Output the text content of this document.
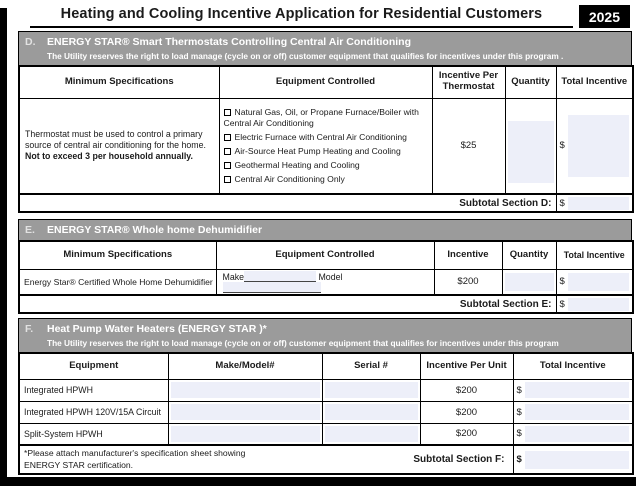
Heating and Cooling Incentive Application for Residential Customers	2025
D.	ENERGY STAR® Smart Thermostats Controlling Central Air Conditioning
The Utility reserves the right to load manage (cycle on or off) customer equipment that qualifies for incentives under this program .
Minimum Specifications	Equipment Controlled	Incentive Per Thermostat	Quantity	Total Incentive
Thermostat must be used to control a primary source of central air conditioning for the home. Not to exceed 3 per household annually.	Natural Gas, Oil, or Propane Furnace/Boiler with Central Air Conditioning
Electric Furnace with Central Air Conditioning
Air-Source Heat Pump Heating and Cooling
Geothermal Heating and Cooling
Central Air Conditioning Only	$25		$

Subtotal Section D:				$
E.	ENERGY STAR® Whole home Dehumidifier
Minimum Specifications	Equipment Controlled	Incentive	Quantity	Total Incentive
Energy Star® Certified Whole Home Dehumidifier	Make Model	$200		$

Subtotal Section E:				$
F.	Heat Pump Water Heaters (ENERGY STAR )*
The Utility reserves the right to load manage (cycle on or off) customer equipment that qualifies for incentives under this program
Equipment	Make/Model#	Serial #	Incentive Per Unit	Total Incentive
Integrated HPWH			$200	$

Integrated HPWH 120V/15A Circuit			$200	$

Split-System HPWH			$200	$

*Please attach manufacturer's specification sheet showing ENERGY STAR certification. Subtotal Section F:				$
